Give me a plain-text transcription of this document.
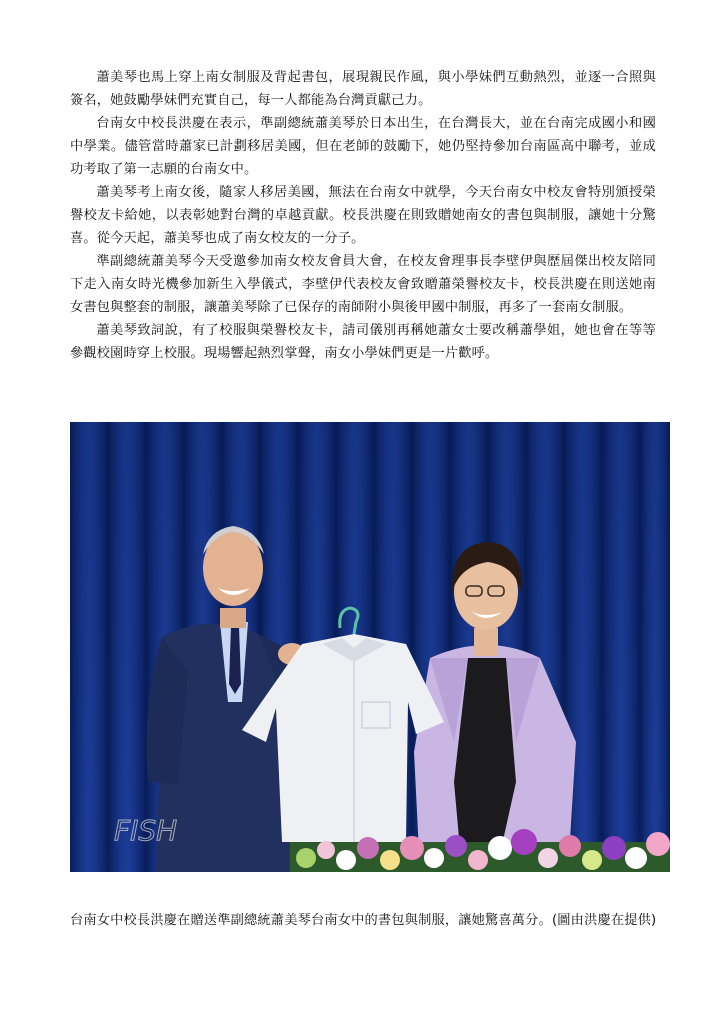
蕭美琴也馬上穿上南女制服及背起書包，展現親民作風，與小學妹們互動熱烈，並逐一合照與簽名，她鼓勵學妹們充實自己，每一人都能為台灣貢獻己力。

台南女中校長洪慶在表示，準副總統蕭美琴於日本出生，在台灣長大，並在台南完成國小和國中學業。儘管當時蕭家已計劃移居美國，但在老師的鼓勵下，她仍堅持參加台南區高中聯考，並成功考取了第一志願的台南女中。

蕭美琴考上南女後，隨家人移居美國，無法在台南女中就學，今天台南女中校友會特別頒授榮譽校友卡給她，以表彰她對台灣的卓越貢獻。校長洪慶在則致贈她南女的書包與制服，讓她十分驚喜。從今天起，蕭美琴也成了南女校友的一分子。

準副總統蕭美琴今天受邀參加南女校友會員大會，在校友會理事長李壁伊與歷屆傑出校友陪同下走入南女時光機參加新生入學儀式，李壁伊代表校友會致贈蕭榮譽校友卡，校長洪慶在則送她南女書包與整套的制服，讓蕭美琴除了已保存的南師附小與後甲國中制服，再多了一套南女制服。

蕭美琴致詞說，有了校服與榮譽校友卡，請司儀別再稱她蕭女士要改稱蕭學姐，她也會在等等參觀校園時穿上校服。現場響起熱烈掌聲，南女小學妹們更是一片歡呼。

FISH

台南女中校長洪慶在贈送準副總統蕭美琴台南女中的書包與制服，讓她驚喜萬分。(圖由洪慶在提供)
